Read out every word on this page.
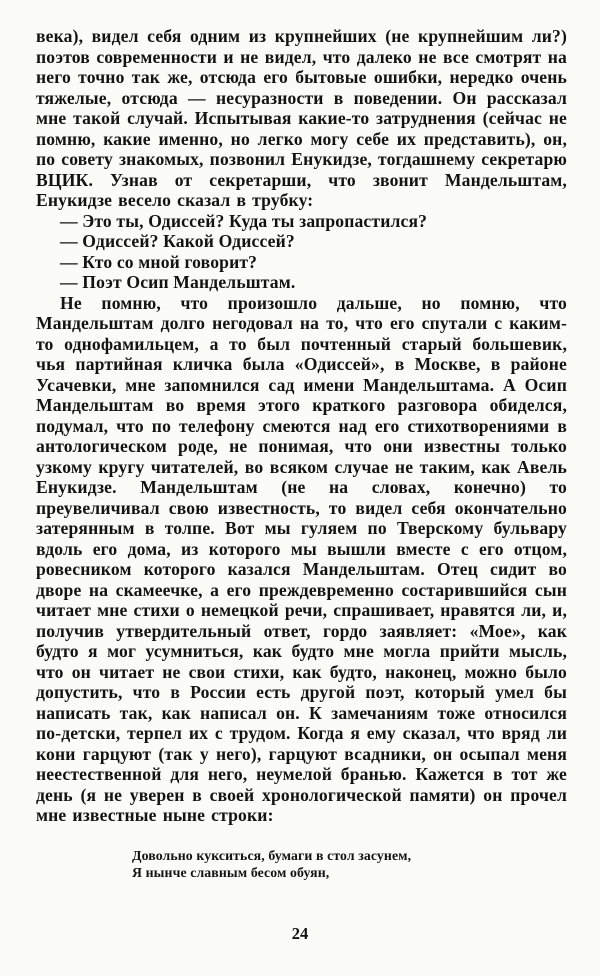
века), видел себя одним из крупнейших (не крупнейшим ли?) поэтов современности и не видел, что далеко не все смотрят на него точно так же, отсюда его бытовые ошибки, нередко очень тяжелые, отсюда — несуразности в поведении. Он рассказал мне такой случай. Испытывая какие-то затруднения (сейчас не помню, какие именно, но легко могу себе их представить), он, по совету знакомых, позвонил Енукидзе, тогдашнему секретарю ВЦИК. Узнав от секретарши, что звонит Мандельштам, Енукидзе весело сказал в трубку:

— Это ты, Одиссей? Куда ты запропастился?

— Одиссей? Какой Одиссей?

— Кто со мной говорит?

— Поэт Осип Мандельштам.

Не помню, что произошло дальше, но помню, что Мандельштам долго негодовал на то, что его спутали с каким-то однофамильцем, а то был почтенный старый большевик, чья партийная кличка была «Одиссей», в Москве, в районе Усачевки, мне запомнился сад имени Мандельштама. А Осип Мандельштам во время этого краткого разговора обиделся, подумал, что по телефону смеются над его стихотворениями в антологическом роде, не понимая, что они известны только узкому кругу читателей, во всяком случае не таким, как Авель Енукидзе. Мандельштам (не на словах, конечно) то преувеличивал свою известность, то видел себя окончательно затерянным в толпе. Вот мы гуляем по Тверскому бульвару вдоль его дома, из которого мы вышли вместе с его отцом, ровесником которого казался Мандельштам. Отец сидит во дворе на скамеечке, а его преждевременно состарившийся сын читает мне стихи о немецкой речи, спрашивает, нравятся ли, и, получив утвердительный ответ, гордо заявляет: «Мое», как будто я мог усумниться, как будто мне могла прийти мысль, что он читает не свои стихи, как будто, наконец, можно было допустить, что в России есть другой поэт, который умел бы написать так, как написал он. К замечаниям тоже относился по-детски, терпел их с трудом. Когда я ему сказал, что вряд ли кони гарцуют (так у него), гарцуют всадники, он осыпал меня неестественной для него, неумелой бранью. Кажется в тот же день (я не уверен в своей хронологической памяти) он прочел мне известные ныне строки:

Довольно кукситься, бумаги в стол засунем,
Я нынче славным бесом обуян,
24
